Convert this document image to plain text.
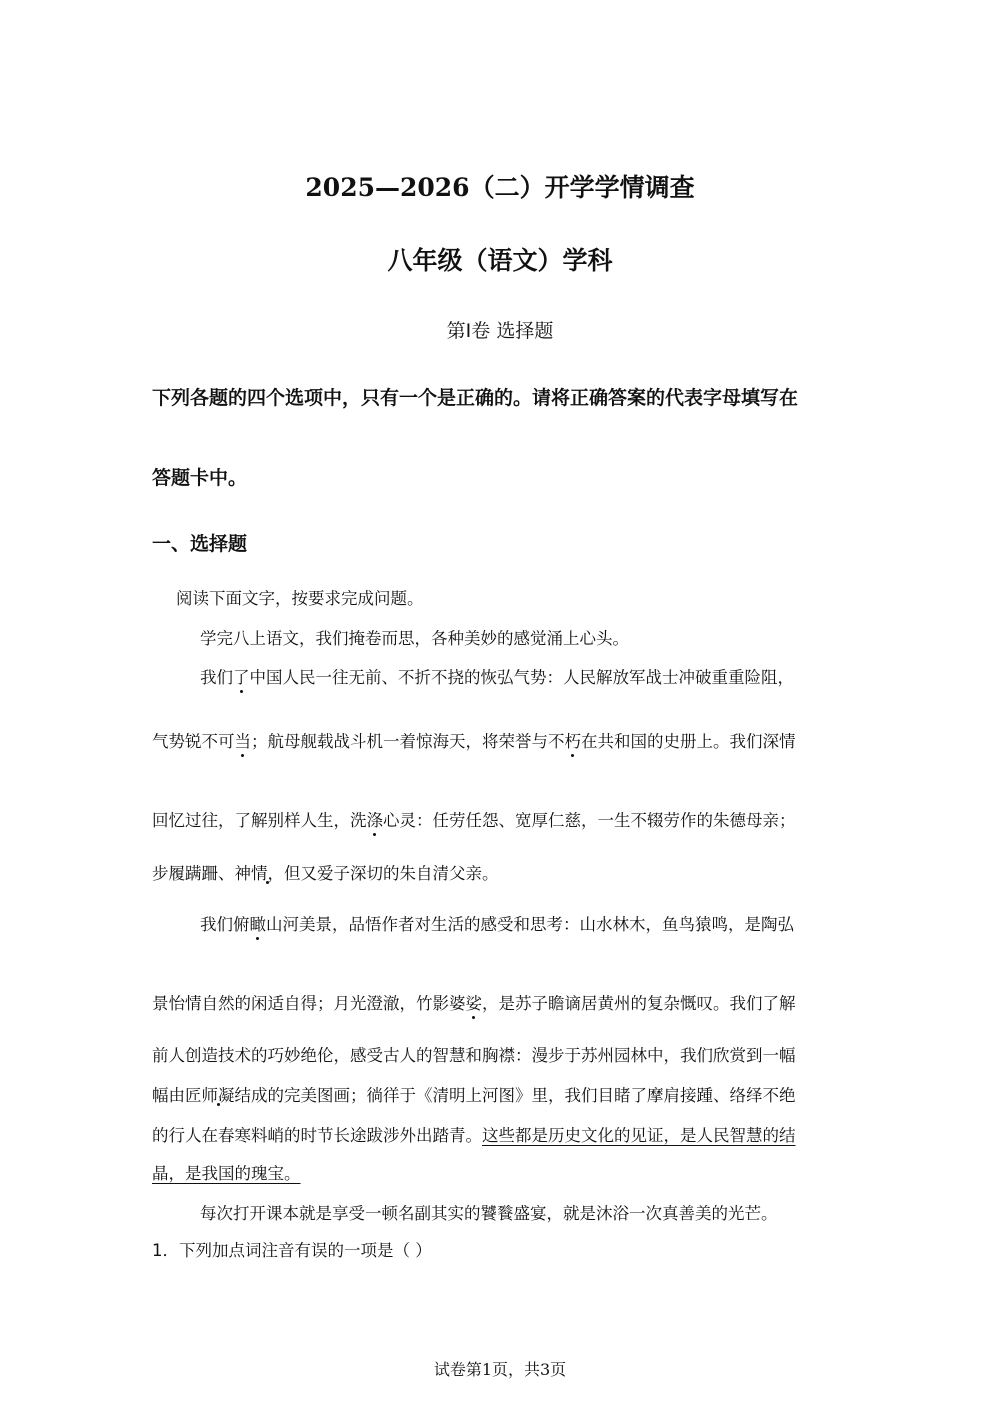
2025—2026（二）开学学情调查
八年级（语文）学科
第Ⅰ卷 选择题
下列各题的四个选项中，只有一个是正确的。请将正确答案的代表字母填写在
答题卡中。
一、选择题
阅读下面文字，按要求完成问题。
学完八上语文，我们掩卷而思，各种美妙的感觉涌上心头。
我们了中国人民一往无前、不折不挠的恢弘气势：人民解放军战士冲破重重险阻，
气势锐不可当；航母舰载战斗机一着惊海天，将荣誉与不朽在共和国的史册上。我们深情
回忆过往，了解别样人生，洗涤心灵：任劳任怨、宽厚仁慈，一生不辍劳作的朱德母亲；
步履蹒跚、神情，但又爱子深切的朱自清父亲。
我们俯瞰山河美景，品悟作者对生活的感受和思考：山水林木，鱼鸟猿鸣，是陶弘
景怡情自然的闲适自得；月光澄澈，竹影婆娑，是苏子瞻谪居黄州的复杂慨叹。我们了解
前人创造技术的巧妙绝伦，感受古人的智慧和胸襟：漫步于苏州园林中，我们欣赏到一幅
幅由匠师凝结成的完美图画；徜徉于《清明上河图》里，我们目睹了摩肩接踵、络绎不绝
的行人在春寒料峭的时节长途跋涉外出踏青。这些都是历史文化的见证，是人民智慧的结
晶，是我国的瑰宝。
每次打开课本就是享受一顿名副其实的饕餮盛宴，就是沐浴一次真善美的光芒。
1．下列加点词注音有误的一项是（ ）
试卷第1页，共3页
